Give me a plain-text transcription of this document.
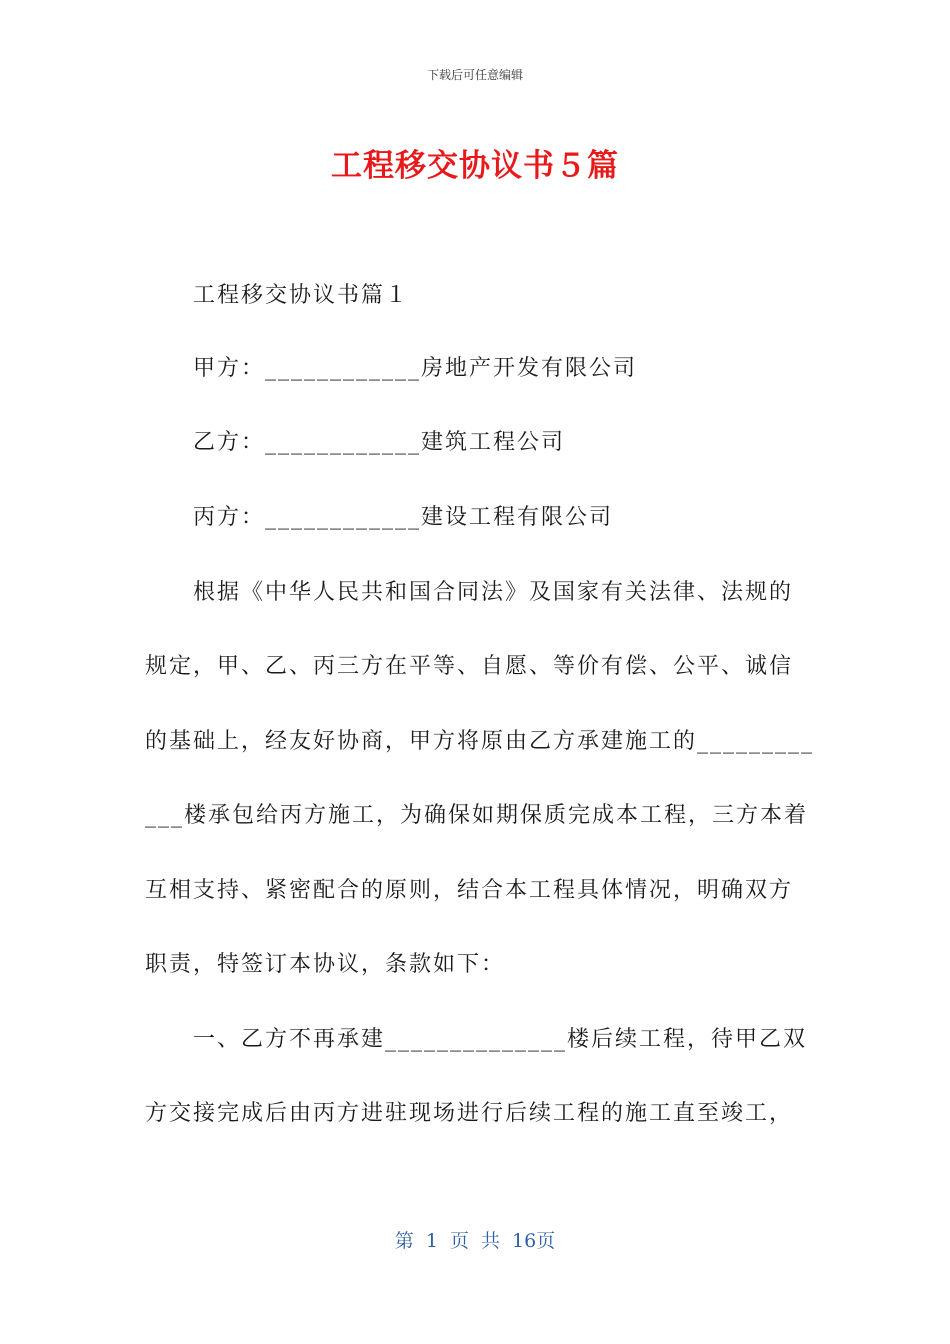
下载后可任意编辑
工程移交协议书５篇
工程移交协议书篇１
甲方：____________房地产开发有限公司
乙方：____________建筑工程公司
丙方：____________建设工程有限公司
根据《中华人民共和国合同法》及国家有关法律、法规的
规定，甲、乙、丙三方在平等、自愿、等价有偿、公平、诚信
的基础上，经友好协商，甲方将原由乙方承建施工的_________
___楼承包给丙方施工，为确保如期保质完成本工程，三方本着
互相支持、紧密配合的原则，结合本工程具体情况，明确双方
职责，特签订本协议，条款如下：
一、乙方不再承建______________楼后续工程，待甲乙双
方交接完成后由丙方进驻现场进行后续工程的施工直至竣工，
第 1 页 共 16页
